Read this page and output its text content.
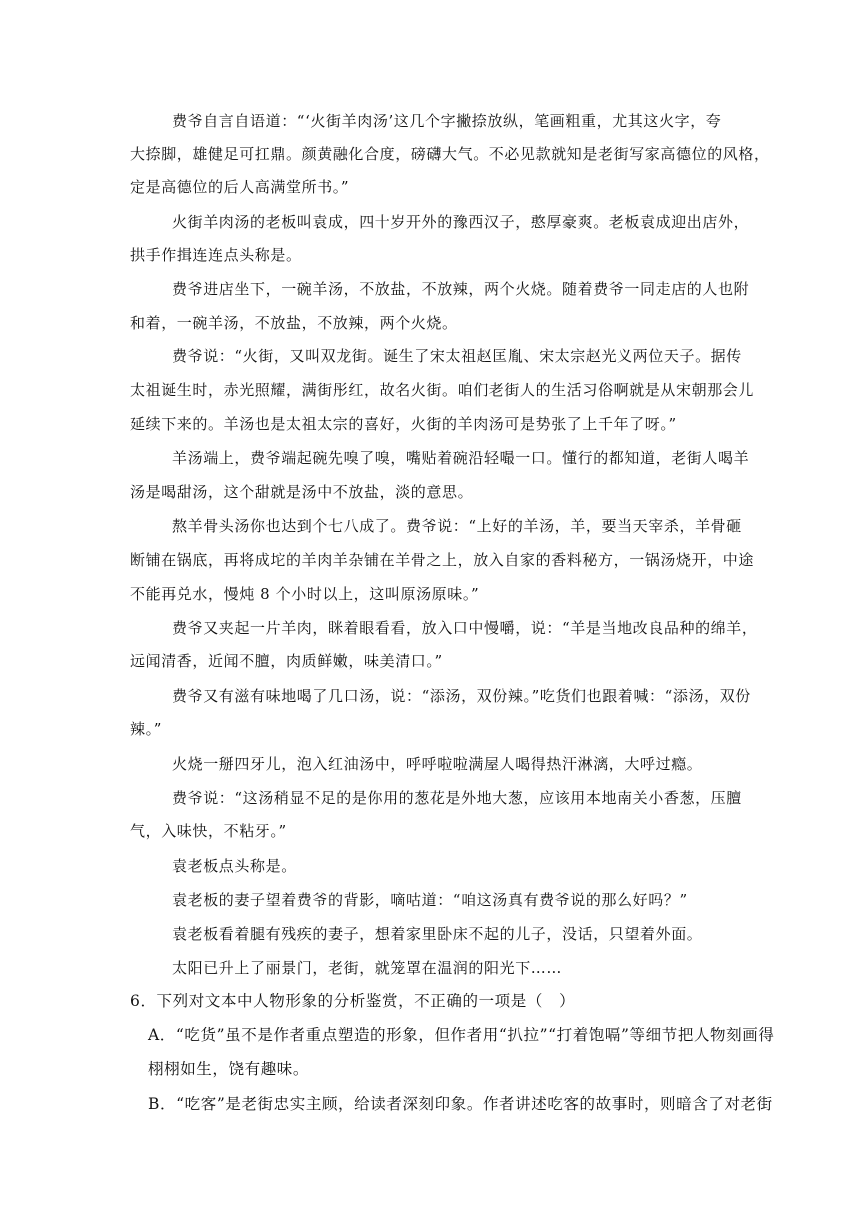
费爷自言自语道：“‘火街羊肉汤’这几个字撇捺放纵，笔画粗重，尤其这火字，夸
大捺脚，雄健足可扛鼎。颜黄融化合度，磅礴大气。不必见款就知是老街写家高德位的风格，
定是高德位的后人高满堂所书。”
火街羊肉汤的老板叫袁成，四十岁开外的豫西汉子，憨厚豪爽。老板袁成迎出店外，
拱手作揖连连点头称是。
费爷进店坐下，一碗羊汤，不放盐，不放辣，两个火烧。随着费爷一同走店的人也附
和着，一碗羊汤，不放盐，不放辣，两个火烧。
费爷说：“火街，又叫双龙街。诞生了宋太祖赵匡胤、宋太宗赵光义两位天子。据传
太祖诞生时，赤光照耀，满街彤红，故名火街。咱们老街人的生活习俗啊就是从宋朝那会儿
延续下来的。羊汤也是太祖太宗的喜好，火街的羊肉汤可是势张了上千年了呀。”
羊汤端上，费爷端起碗先嗅了嗅，嘴贴着碗沿轻嘬一口。懂行的都知道，老街人喝羊
汤是喝甜汤，这个甜就是汤中不放盐，淡的意思。
熬羊骨头汤你也达到个七八成了。费爷说：“上好的羊汤，羊，要当天宰杀，羊骨砸
断铺在锅底，再将成坨的羊肉羊杂铺在羊骨之上，放入自家的香料秘方，一锅汤烧开，中途
不能再兑水，慢炖 8 个小时以上，这叫原汤原味。”
费爷又夹起一片羊肉，眯着眼看看，放入口中慢嚼，说：“羊是当地改良品种的绵羊，
远闻清香，近闻不膻，肉质鲜嫩，味美清口。”
费爷又有滋有味地喝了几口汤，说：“添汤，双份辣。”吃货们也跟着喊：“添汤，双份
辣。”
火烧一掰四牙儿，泡入红油汤中，呼呼啦啦满屋人喝得热汗淋漓，大呼过瘾。
费爷说：“这汤稍显不足的是你用的葱花是外地大葱，应该用本地南关小香葱，压膻
气，入味快，不粘牙。”
袁老板点头称是。
袁老板的妻子望着费爷的背影，嘀咕道：“咱这汤真有费爷说的那么好吗？”
袁老板看着腿有残疾的妻子，想着家里卧床不起的儿子，没话，只望着外面。
太阳已升上了丽景门，老街，就笼罩在温润的阳光下……
6．下列对文本中人物形象的分析鉴赏，不正确的一项是（　）
A．“吃货”虽不是作者重点塑造的形象，但作者用“扒拉”“打着饱嗝”等细节把人物刻画得
栩栩如生，饶有趣味。
B．“吃客”是老街忠实主顾，给读者深刻印象。作者讲述吃客的故事时，则暗含了对老街
